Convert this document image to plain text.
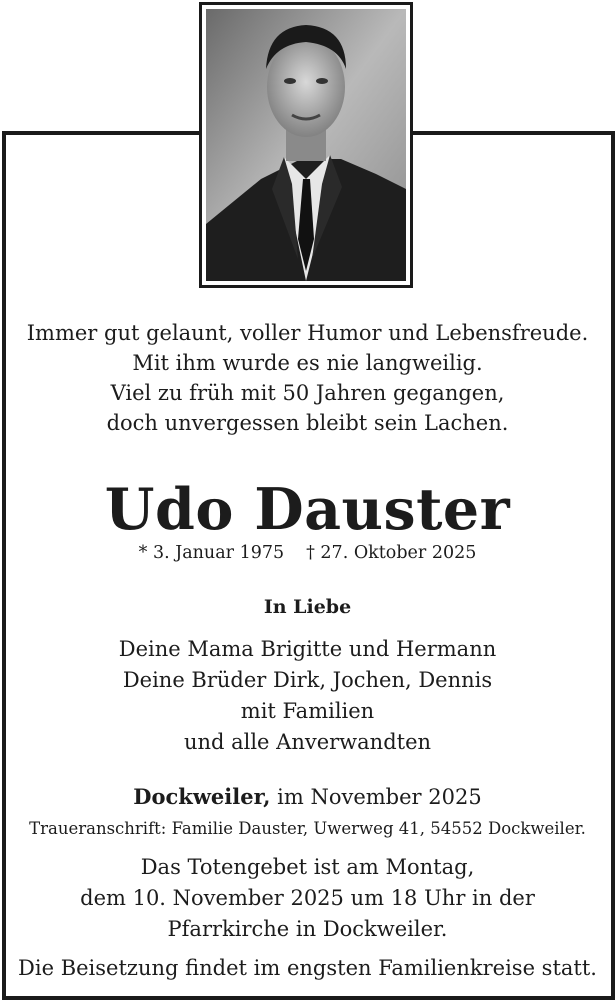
Immer gut gelaunt, voller Humor und Lebensfreude.
Mit ihm wurde es nie langweilig.
Viel zu früh mit 50 Jahren gegangen,
doch unvergessen bleibt sein Lachen.
Udo Dauster
* 3. Januar 1975 † 27. Oktober 2025
In Liebe
Deine Mama Brigitte und Hermann
Deine Brüder Dirk, Jochen, Dennis
mit Familien
und alle Anverwandten
Dockweiler, im November 2025
Traueranschrift: Familie Dauster, Uwerweg 41, 54552 Dockweiler.
Das Totengebet ist am Montag,
dem 10. November 2025 um 18 Uhr in der
Pfarrkirche in Dockweiler.
Die Beisetzung findet im engsten Familienkreise statt.
